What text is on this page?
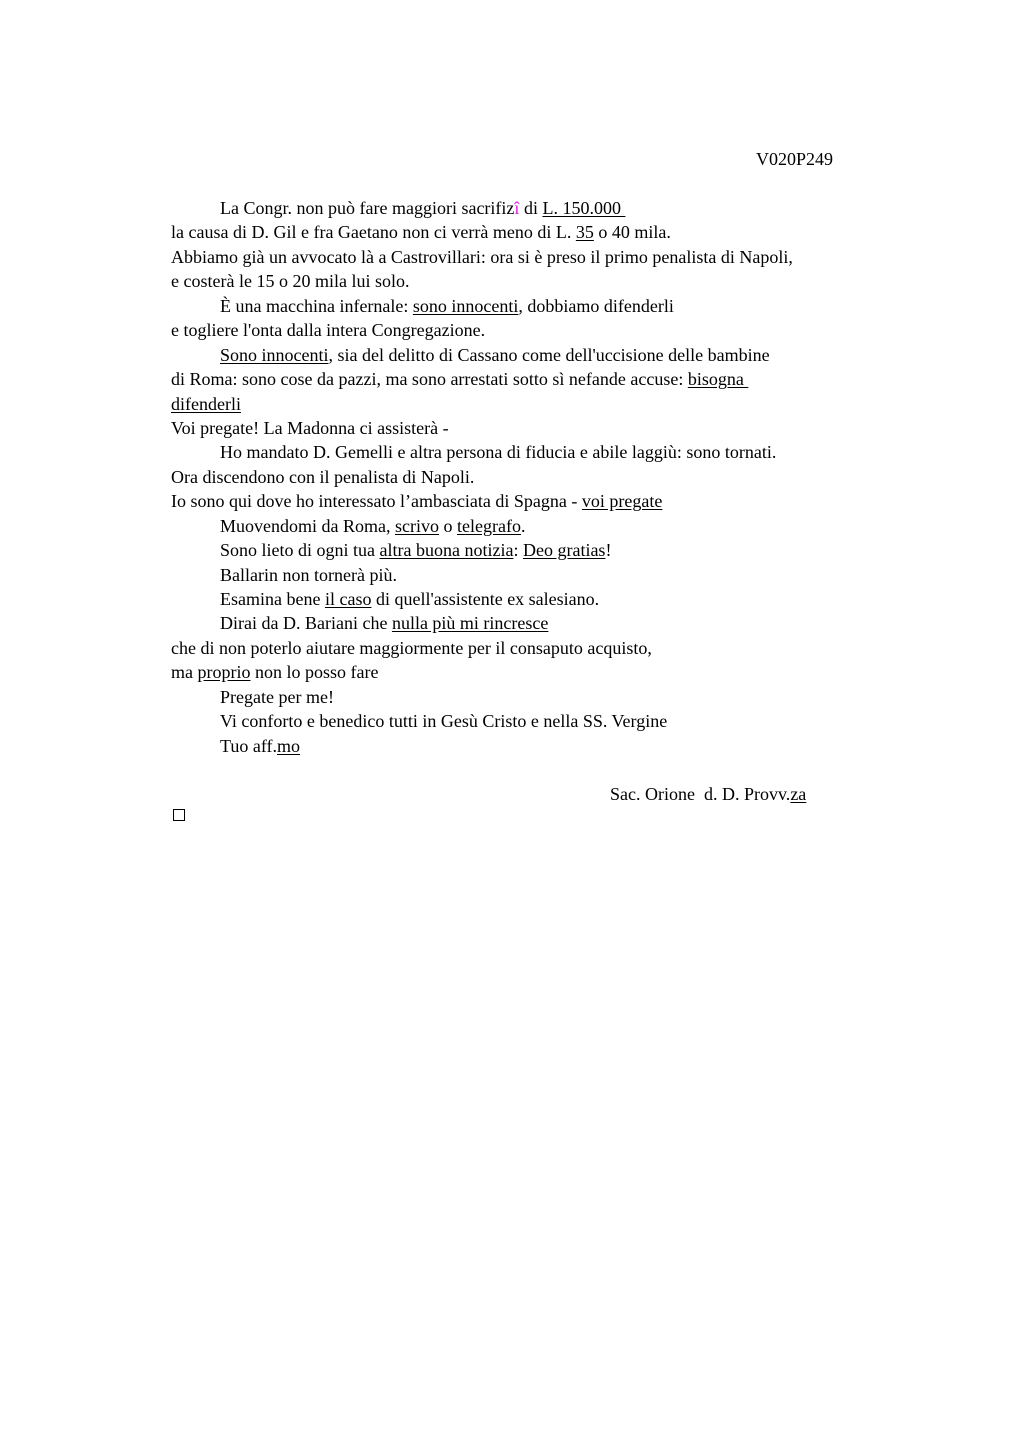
V020P249
La Congr. non può fare maggiori sacrifizî di L. 150.000
la causa di D. Gil e fra Gaetano non ci verrà meno di L. 35 o 40 mila.
Abbiamo già un avvocato là a Castrovillari: ora si è preso il primo penalista di Napoli,
e costerà le 15 o 20 mila lui solo.
È una macchina infernale: sono innocenti, dobbiamo difenderli
e togliere l'onta dalla intera Congregazione.
Sono innocenti, sia del delitto di Cassano come dell'uccisione delle bambine
di Roma: sono cose da pazzi, ma sono arrestati sotto sì nefande accuse: bisogna
difenderli
Voi pregate! La Madonna ci assisterà -
Ho mandato D. Gemelli e altra persona di fiducia e abile laggiù: sono tornati.
Ora discendono con il penalista di Napoli.
Io sono qui dove ho interessato l’ambasciata di Spagna - voi pregate
Muovendomi da Roma, scrivo o telegrafo.
Sono lieto di ogni tua altra buona notizia: Deo gratias!
Ballarin non tornerà più.
Esamina bene il caso di quell'assistente ex salesiano.
Dirai da D. Bariani che nulla più mi rincresce
che di non poterlo aiutare maggiormente per il consaputo acquisto,
ma proprio non lo posso fare
Pregate per me!
Vi conforto e benedico tutti in Gesù Cristo e nella SS. Vergine
Tuo aff.mo
Sac. Orione  d. D. Provv.za
